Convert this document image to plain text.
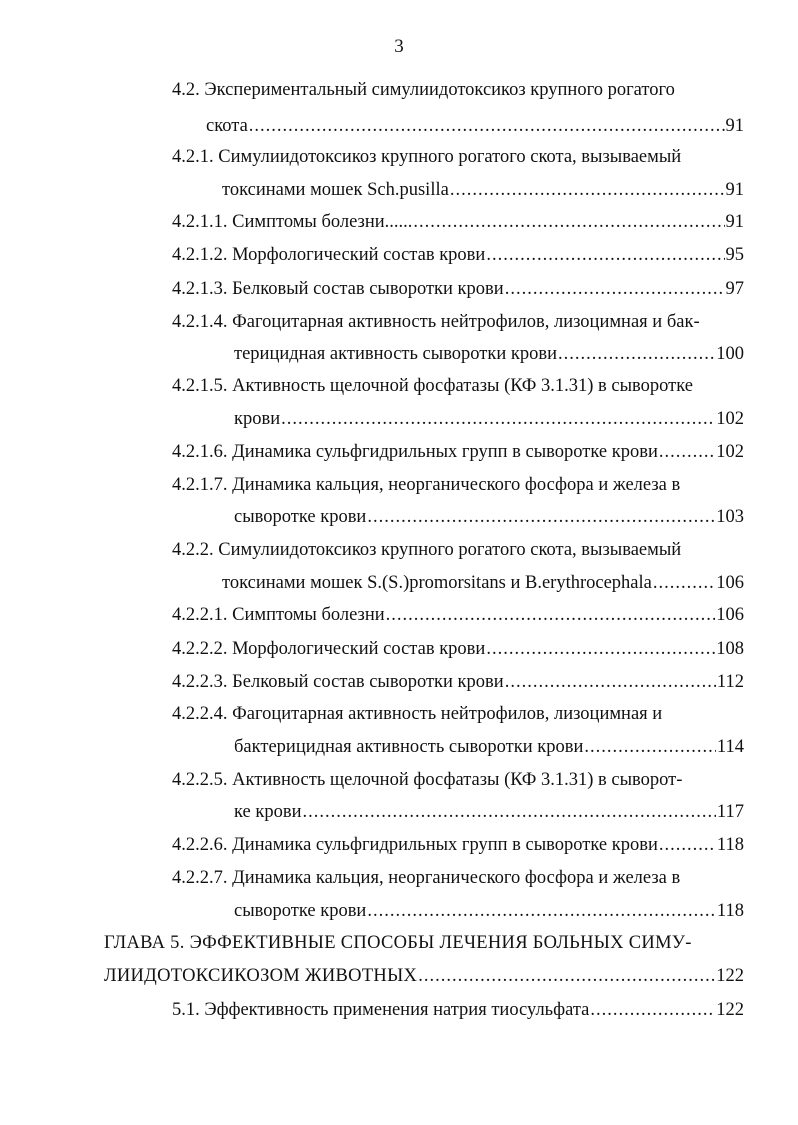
3
4.2. Экспериментальный симулиидотоксикоз крупного рогатого
скота .....	91
4.2.1. Симулиидотоксикоз крупного рогатого скота, вызываемый
токсинами мошек Sch.pusilla .....	91
4.2.1.1. Симптомы болезни...... .....	91
4.2.1.2. Морфологический состав крови .....	95
4.2.1.3. Белковый состав сыворотки крови .....	97
4.2.1.4. Фагоцитарная активность нейтрофилов, лизоцимная и бак-
терицидная активность сыворотки крови .....	100
4.2.1.5. Активность щелочной фосфатазы (КФ 3.1.31) в сыворотке
крови .....	102
4.2.1.6. Динамика сульфгидрильных групп в сыворотке крови .....	102
4.2.1.7. Динамика кальция, неорганического фосфора и железа в
сыворотке крови .....	103
4.2.2. Симулиидотоксикоз крупного рогатого скота, вызываемый
токсинами мошек S.(S.)promorsitans и B.erythrocephala .....	106
4.2.2.1. Симптомы болезни .....	106
4.2.2.2. Морфологический состав крови .....	108
4.2.2.3. Белковый состав сыворотки крови .....	112
4.2.2.4. Фагоцитарная активность нейтрофилов, лизоцимная и
бактерицидная активность сыворотки крови .....	114
4.2.2.5. Активность щелочной фосфатазы (КФ 3.1.31) в сыворот-
ке крови .....	117
4.2.2.6. Динамика сульфгидрильных групп в сыворотке крови .....	118
4.2.2.7. Динамика кальция, неорганического фосфора и железа в
сыворотке крови .....	118
ГЛАВА 5. ЭФФЕКТИВНЫЕ СПОСОБЫ ЛЕЧЕНИЯ БОЛЬНЫХ СИМУ-
ЛИИДОТОКСИКОЗОМ ЖИВОТНЫХ .....	122
5.1. Эффективность применения натрия тиосульфата .....	122
